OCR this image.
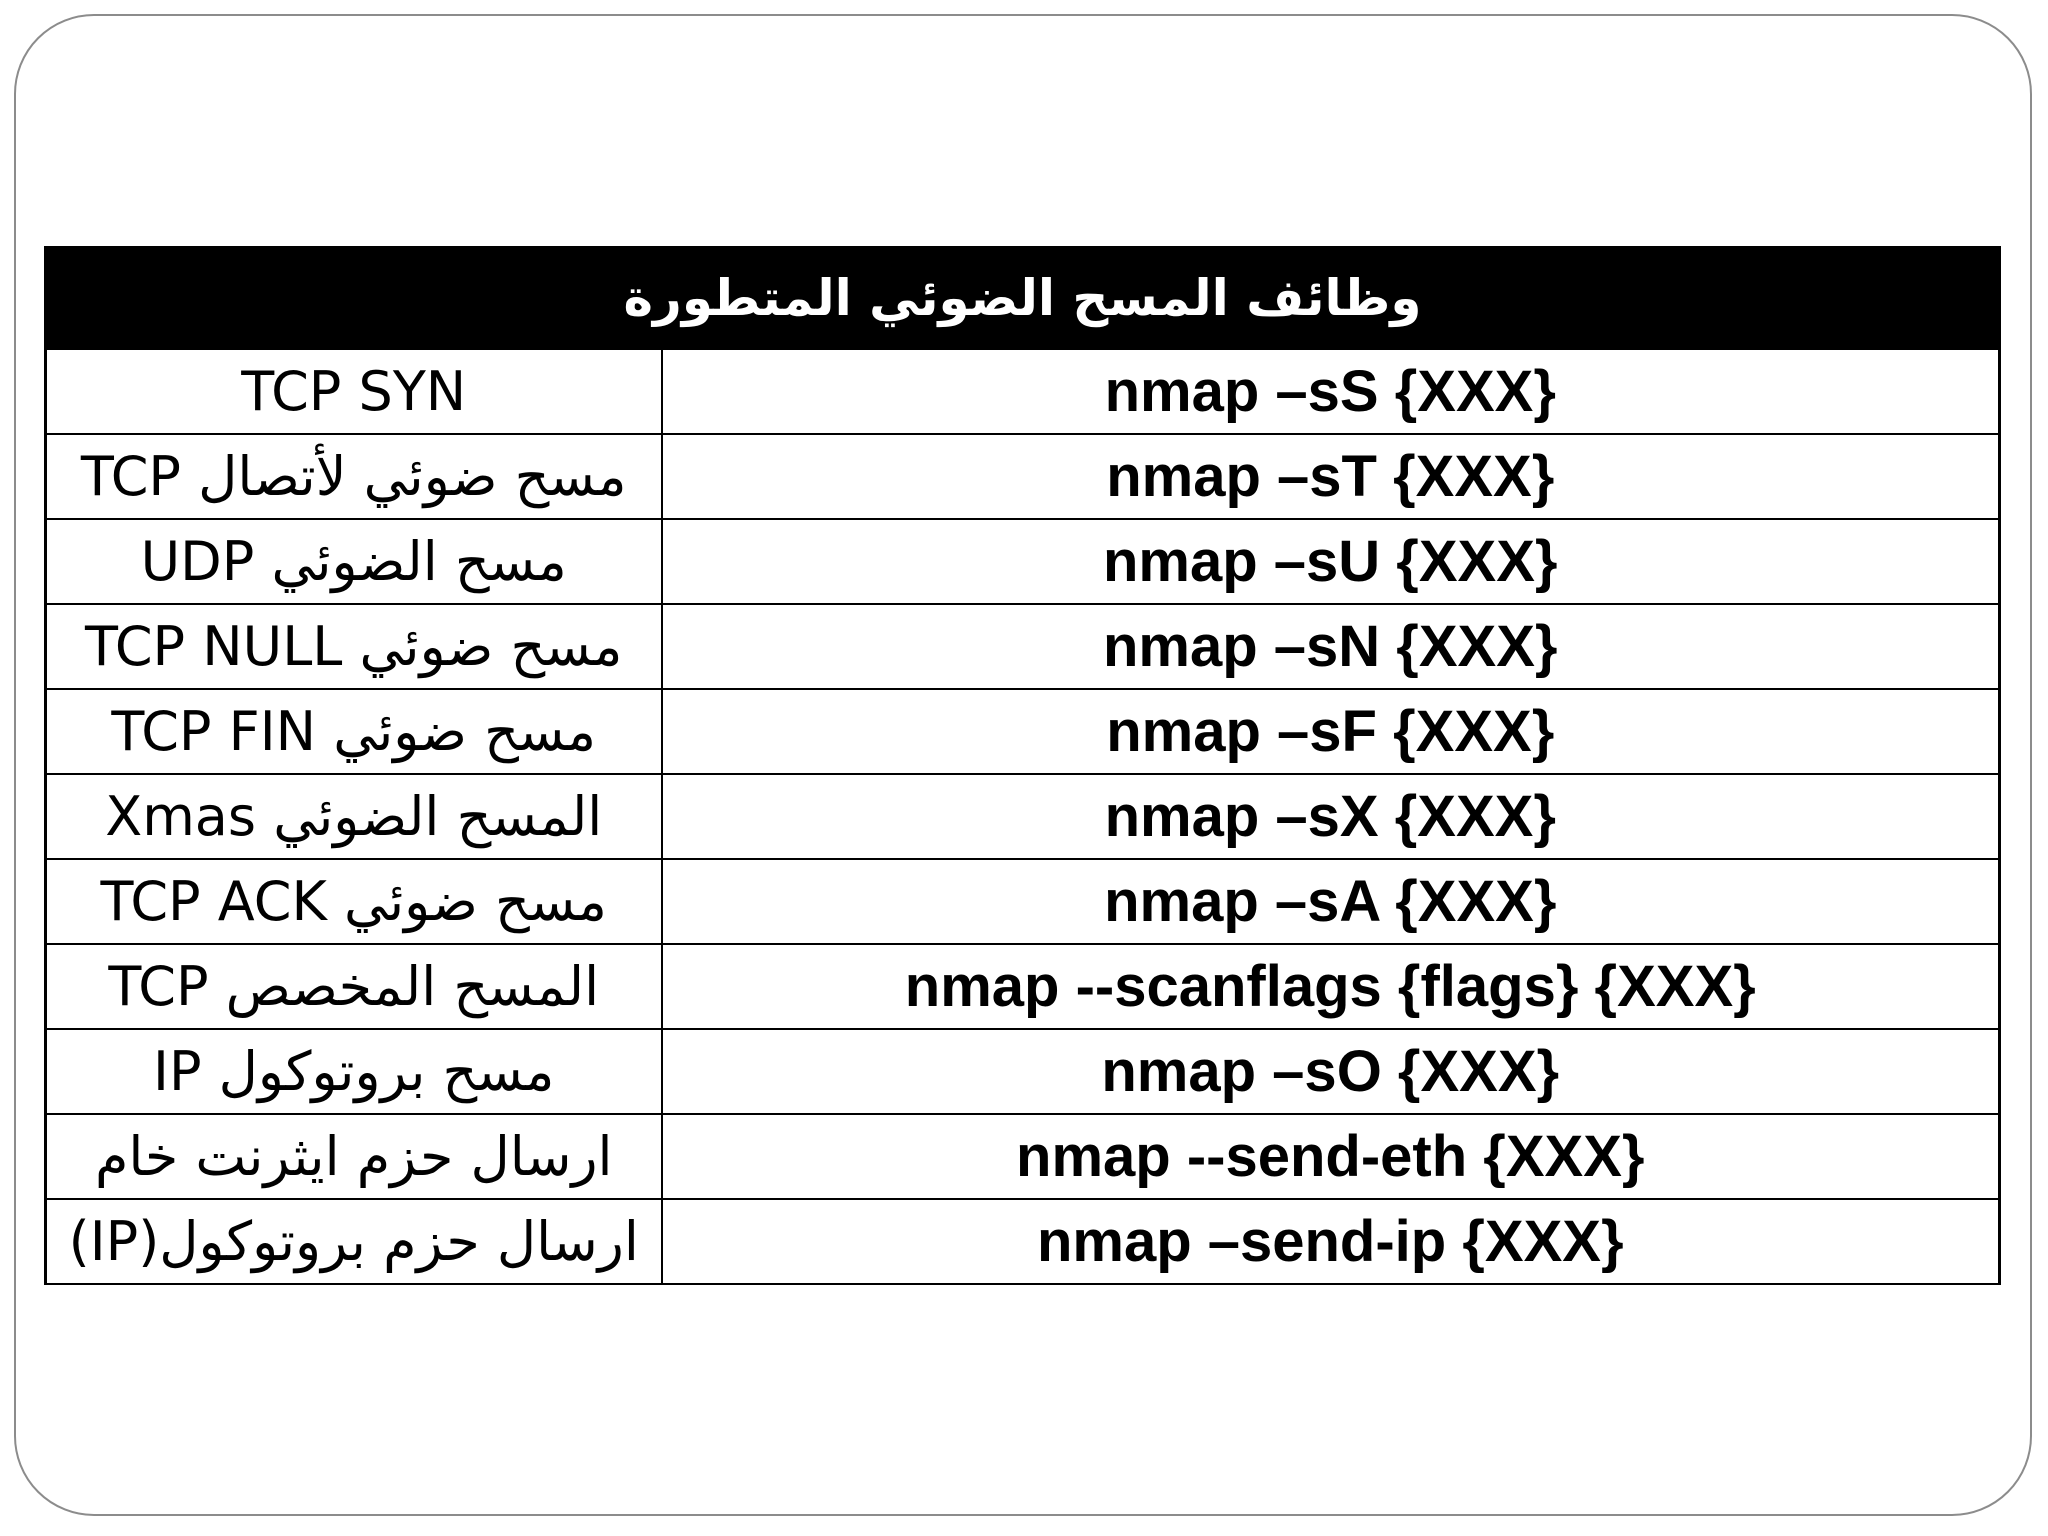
وظائف المسح الضوئي المتطورة	
TCP SYN	nmap –sS {XXX}
مسح ضوئي لأتصال TCP	nmap –sT {XXX}
مسح الضوئي UDP	nmap –sU {XXX}
مسح ضوئي TCP NULL	nmap –sN {XXX}
مسح ضوئي TCP FIN	nmap –sF {XXX}
المسح الضوئي Xmas	nmap –sX {XXX}
مسح ضوئي TCP ACK	nmap –sA {XXX}
المسح المخصص TCP	nmap --scanflags {flags} {XXX}
مسح بروتوكول IP	nmap –sO {XXX}
ارسال حزم ايثرنت خام	nmap --send-eth {XXX}
ارسال حزم بروتوكول(IP)	nmap –send-ip {XXX}
